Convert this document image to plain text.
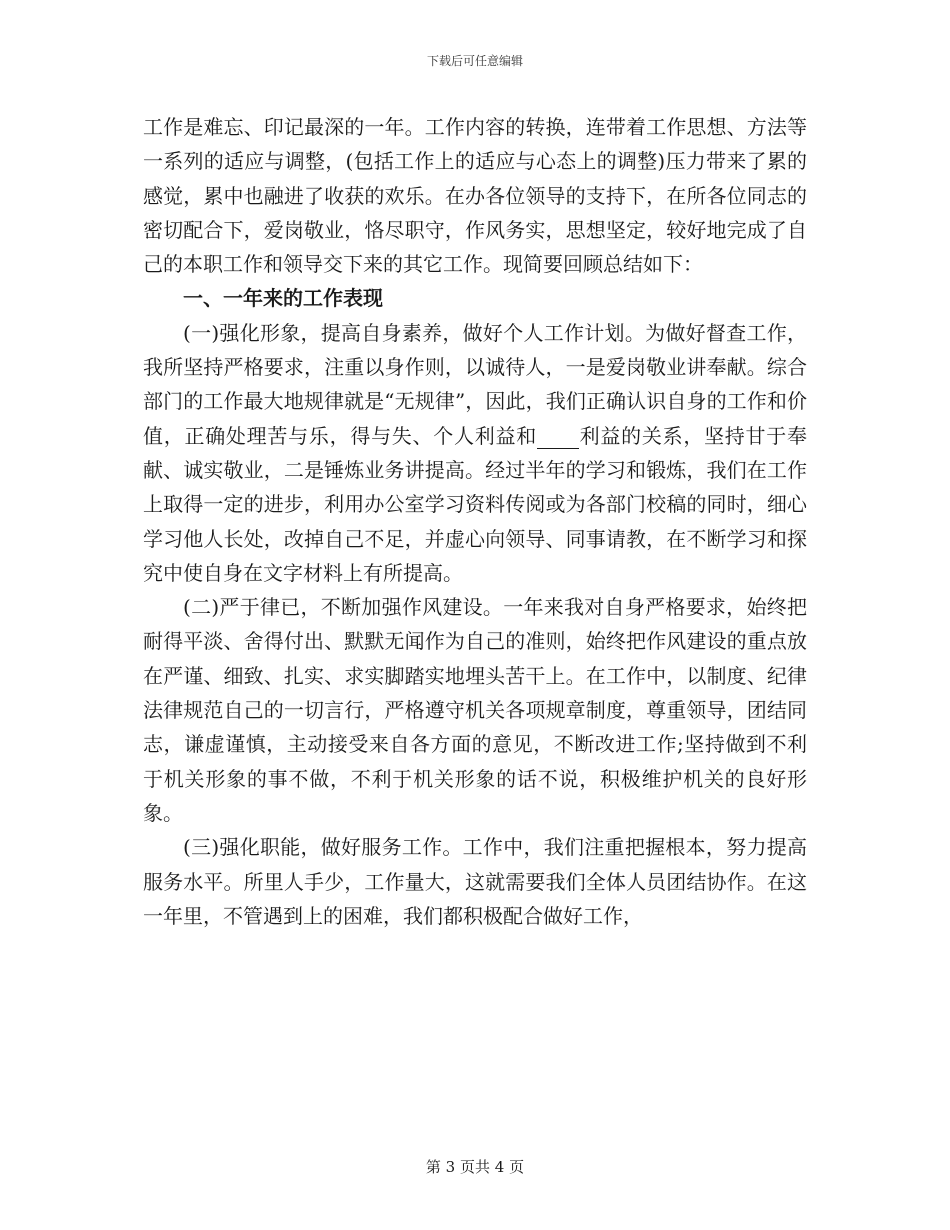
下载后可任意编辑

工作是难忘、印记最深的一年。工作内容的转换，连带着工作思想、方法等一系列的适应与调整，(包括工作上的适应与心态上的调整)压力带来了累的感觉，累中也融进了收获的欢乐。在办各位领导的支持下，在所各位同志的密切配合下，爱岗敬业，恪尽职守，作风务实，思想坚定，较好地完成了自己的本职工作和领导交下来的其它工作。现简要回顾总结如下：

一、一年来的工作表现

(一)强化形象，提高自身素养，做好个人工作计划。为做好督查工作，我所坚持严格要求，注重以身作则，以诚待人，一是爱岗敬业讲奉献。综合部门的工作最大地规律就是“无规律”，因此，我们正确认识自身的工作和价值，正确处理苦与乐，得与失、个人利益和 利益的关系，坚持甘于奉献、诚实敬业，二是锤炼业务讲提高。经过半年的学习和锻炼，我们在工作上取得一定的进步，利用办公室学习资料传阅或为各部门校稿的同时，细心学习他人长处，改掉自己不足，并虚心向领导、同事请教，在不断学习和探究中使自身在文字材料上有所提高。

(二)严于律已，不断加强作风建设。一年来我对自身严格要求，始终把耐得平淡、舍得付出、默默无闻作为自己的准则，始终把作风建设的重点放在严谨、细致、扎实、求实脚踏实地埋头苦干上。在工作中，以制度、纪律法律规范自己的一切言行，严格遵守机关各项规章制度，尊重领导，团结同志，谦虚谨慎，主动接受来自各方面的意见，不断改进工作;坚持做到不利于机关形象的事不做，不利于机关形象的话不说，积极维护机关的良好形象。

(三)强化职能，做好服务工作。工作中，我们注重把握根本，努力提高服务水平。所里人手少，工作量大，这就需要我们全体人员团结协作。在这一年里，不管遇到上的困难，我们都积极配合做好工作，

第 3 页共 4 页
